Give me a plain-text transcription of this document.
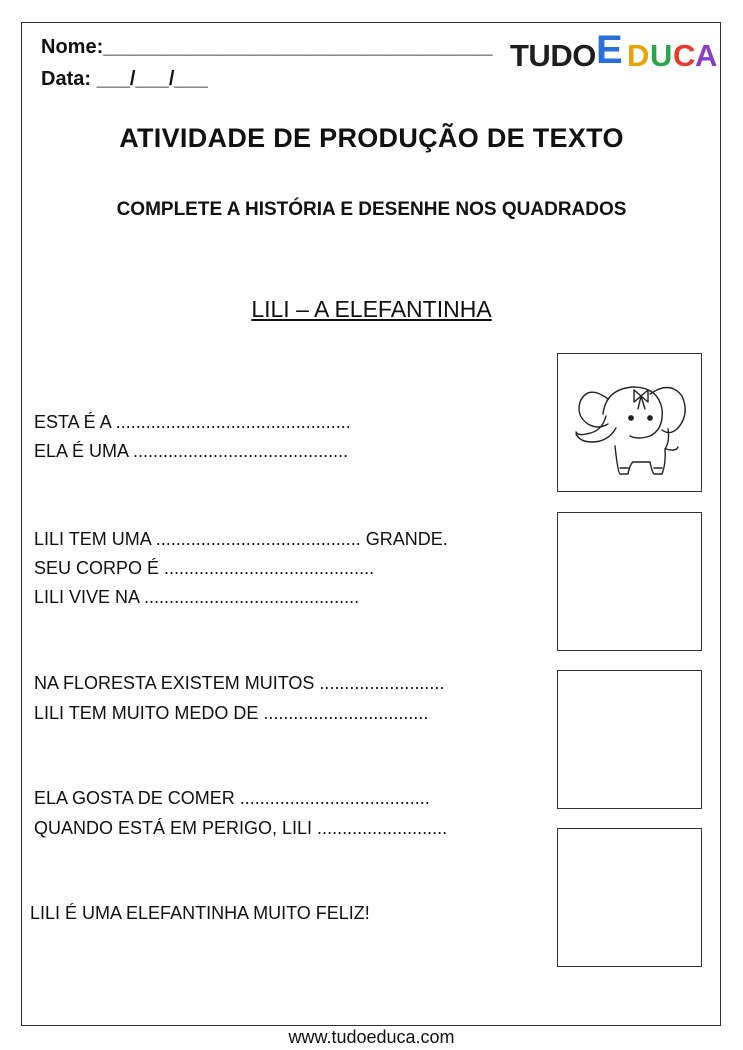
Nome:___________________________________
Data: ___/___/___
TUDO E D U C A
ATIVIDADE DE PRODUÇÃO DE TEXTO
COMPLETE A HISTÓRIA E DESENHE NOS QUADRADOS
LILI – A ELEFANTINHA
ESTA É A ...............................................
ELA É UMA ...........................................
LILI TEM UMA ......................................... GRANDE.
SEU CORPO É ..........................................
LILI VIVE NA ...........................................
NA FLORESTA EXISTEM MUITOS .........................
LILI TEM MUITO MEDO DE .................................
ELA GOSTA DE COMER ......................................
QUANDO ESTÁ EM PERIGO, LILI ..........................
LILI É UMA ELEFANTINHA MUITO FELIZ!
www.tudoeduca.com
